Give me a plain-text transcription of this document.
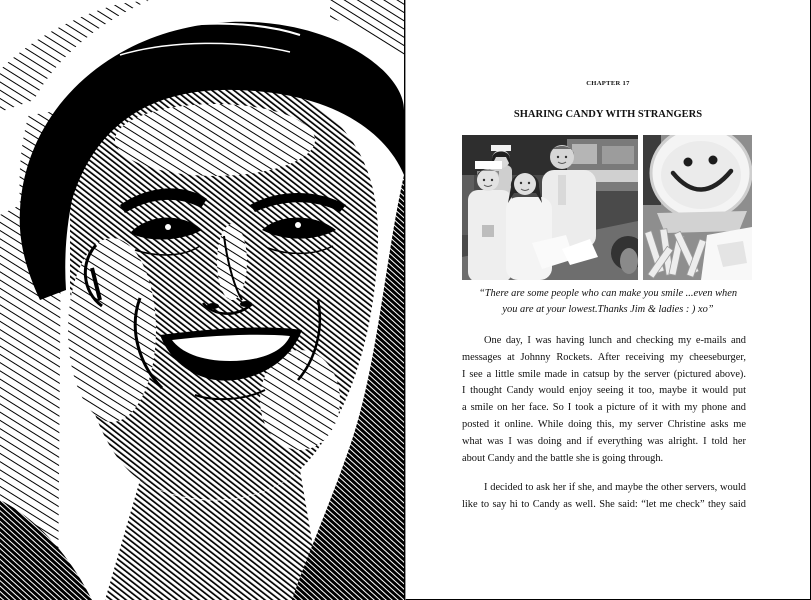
CHAPTER 17
SHARING CANDY WITH STRANGERS
“There are some people who can make you smile ...even when
you are at your lowest.Thanks Jim & ladies : ) xo”
One day, I was having lunch and checking my e-mails and
messages at Johnny Rockets. After receiving my cheeseburger,
I see a little smile made in catsup by the server (pictured above).
I thought Candy would enjoy seeing it too, maybe it would put
a smile on her face. So I took a picture of it with my phone and
posted it online. While doing this, my server Christine asks me
what was I was doing and if everything was alright. I told her
about Candy and the battle she is going through.
I decided to ask her if she, and maybe the other servers, would
like to say hi to Candy as well. She said: “let me check” they said
